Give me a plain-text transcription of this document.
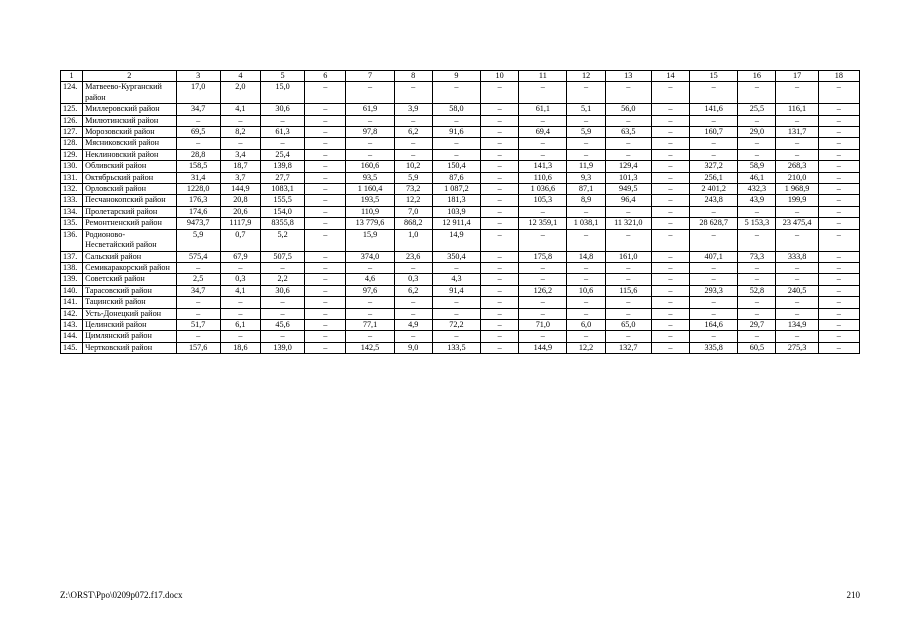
1	2	3	4	5	6	7	8	9	10	11	12	13	14	15	16	17	18
124.	Матвеево-Курганский район	17,0	2,0	15,0	–	–	–	–	–	–	–	–	–	–	–	–	–
125.	Миллеровский район	34,7	4,1	30,6	–	61,9	3,9	58,0	–	61,1	5,1	56,0	–	141,6	25,5	116,1	–
126.	Милютинский район	–	–	–	–	–	–	–	–	–	–	–	–	–	–	–	–
127.	Морозовский район	69,5	8,2	61,3	–	97,8	6,2	91,6	–	69,4	5,9	63,5	–	160,7	29,0	131,7	–
128.	Мясниковский район	–	–	–	–	–	–	–	–	–	–	–	–	–	–	–	–
129.	Неклиновский район	28,8	3,4	25,4	–	–	–	–	–	–	–	–	–	–	–	–	–
130.	Обливский район	158,5	18,7	139,8	–	160,6	10,2	150,4	–	141,3	11,9	129,4	–	327,2	58,9	268,3	–
131.	Октябрьский район	31,4	3,7	27,7	–	93,5	5,9	87,6	–	110,6	9,3	101,3	–	256,1	46,1	210,0	–
132.	Орловский район	1228,0	144,9	1083,1	–	1 160,4	73,2	1 087,2	–	1 036,6	87,1	949,5	–	2 401,2	432,3	1 968,9	–
133.	Песчанокопский район	176,3	20,8	155,5	–	193,5	12,2	181,3	–	105,3	8,9	96,4	–	243,8	43,9	199,9	–
134.	Пролетарский район	174,6	20,6	154,0	–	110,9	7,0	103,9	–	–	–	–	–	–	–	–	–
135.	Ремонтненский район	9473,7	1117,9	8355,8	–	13 779,6	868,2	12 911,4	–	12 359,1	1 038,1	11 321,0	–	28 628,7	5 153,3	23 475,4	–
136.	Родионово-Несветайский район	5,9	0,7	5,2	–	15,9	1,0	14,9	–	–	–	–	–	–	–	–	–
137.	Сальский район	575,4	67,9	507,5	–	374,0	23,6	350,4	–	175,8	14,8	161,0	–	407,1	73,3	333,8	–
138.	Семикаракорский район	–	–	–	–	–	–	–	–	–	–	–	–	–	–	–	–
139.	Советский район	2,5	0,3	2,2	–	4,6	0,3	4,3	–	–	–	–	–	–	–	–	–
140.	Тарасовский район	34,7	4,1	30,6	–	97,6	6,2	91,4	–	126,2	10,6	115,6	–	293,3	52,8	240,5	–
141.	Тацинский район	–	–	–	–	–	–	–	–	–	–	–	–	–	–	–	–
142.	Усть-Донецкий район	–	–	–	–	–	–	–	–	–	–	–	–	–	–	–	–
143.	Целинский район	51,7	6,1	45,6	–	77,1	4,9	72,2	–	71,0	6,0	65,0	–	164,6	29,7	134,9	–
144.	Цимлянский район	–	–	–	–	–	–	–	–	–	–	–	–	–	–	–	–
145.	Чертковский район	157,6	18,6	139,0	–	142,5	9,0	133,5	–	144,9	12,2	132,7	–	335,8	60,5	275,3	–
Z:\ORST\Ppo\0209p072.f17.docx	210
